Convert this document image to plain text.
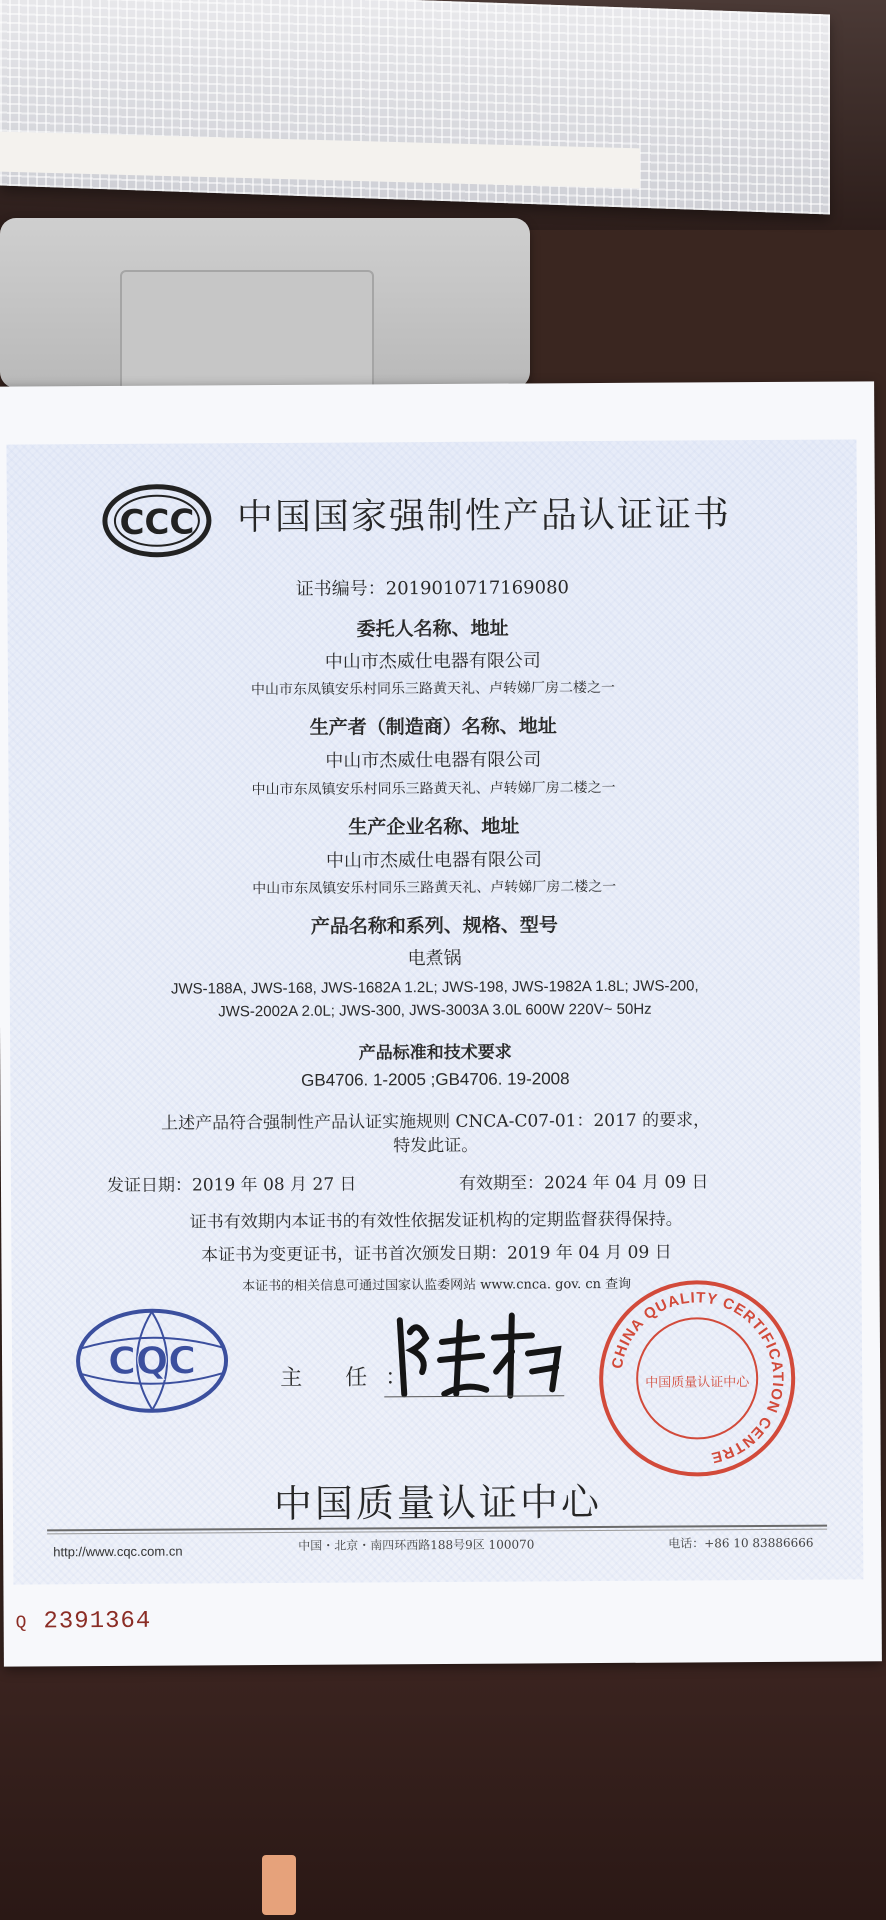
CCC 中国国家强制性产品认证证书
证书编号：2019010717169080
委托人名称、地址
中山市杰威仕电器有限公司
中山市东凤镇安乐村同乐三路黄天礼、卢转娣厂房二楼之一
生产者（制造商）名称、地址
中山市杰威仕电器有限公司
中山市东凤镇安乐村同乐三路黄天礼、卢转娣厂房二楼之一
生产企业名称、地址
中山市杰威仕电器有限公司
中山市东凤镇安乐村同乐三路黄天礼、卢转娣厂房二楼之一
产品名称和系列、规格、型号
电煮锅
JWS-188A, JWS-168, JWS-1682A 1.2L; JWS-198, JWS-1982A 1.8L; JWS-200,
JWS-2002A 2.0L; JWS-300, JWS-3003A 3.0L 600W 220V~ 50Hz
产品标准和技术要求
GB4706. 1-2005 ;GB4706. 19-2008
上述产品符合强制性产品认证实施规则 CNCA-C07-01：2017 的要求，
特发此证。
发证日期：2019 年 08 月 27 日	有效期至：2024 年 04 月 09 日
证书有效期内本证书的有效性依据发证机构的定期监督获得保持。
本证书为变更证书，证书首次颁发日期：2019 年 04 月 09 日
本证书的相关信息可通过国家认监委网站 www.cnca. gov. cn 查询
CQC	主 任：
CHINA QUALITY CERTIFICATION CENTRE
中国质量认证中心
中国质量认证中心
http://www.cqc.com.cn	中国・北京・南四环西路188号9区 100070	电话：+86 10 83886666
Q 2391364
